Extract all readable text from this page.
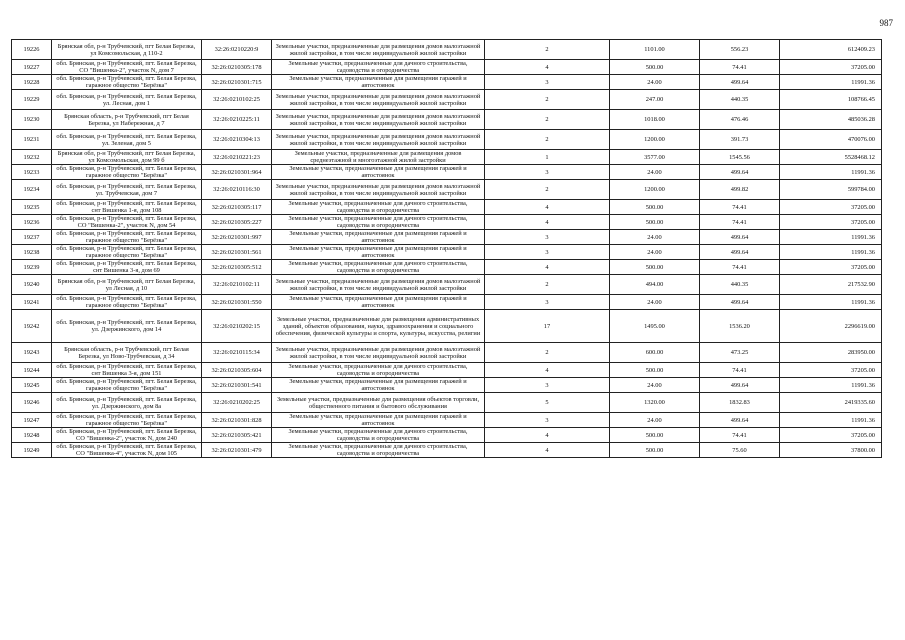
987
19226	Брянская обл, р-н Трубчевский, пгт Белая Березка, ул Комсомольская, д 110-2	32:26:0210220:9	Земельные участки, предназначенные для размещения домов малоэтажной жилой застройки, в том числе индивидуальной жилой застройки	2	1101.00	556.23	612409.23
19227	обл. Брянская, р-н Трубчевский, пгт. Белая Березка, СО "Вишенка-2", участок N, дом 7	32:26:0210305:178	Земельные участки, предназначенные для дачного строительства, садоводства и огородничества	4	500.00	74.41	37205.00
19228	обл. Брянская, р-н Трубчевский, пгт. Белая Березка, гаражное общество "Берёзка"	32:26:0210301:715	Земельные участки, предназначенные для размещения гаражей и автостоянок	3	24.00	499.64	11991.36
19229	обл. Брянская, р-н Трубчевский, пгт. Белая Березка, ул. Лесная, дом 1	32:26:0210102:25	Земельные участки, предназначенные для размещения домов малоэтажной жилой застройки, в том числе индивидуальной жилой застройки	2	247.00	440.35	108766.45
19230	Брянская область, р-н Трубчевский, пгт Белая Березка, ул Набережная, д 7	32:26:0210225:11	Земельные участки, предназначенные для размещения домов малоэтажной жилой застройки, в том числе индивидуальной жилой застройки	2	1018.00	476.46	485036.28
19231	обл. Брянская, р-н Трубчевский, пгт. Белая Березка, ул. Зеленая, дом 5	32:26:0210304:13	Земельные участки, предназначенные для размещения домов малоэтажной жилой застройки, в том числе индивидуальной жилой застройки	2	1200.00	391.73	470076.00
19232	Брянская обл, р-н Трубчевский, пгт Белая Березка, ул Комсомольская, дом 99 б	32:26:0210221:23	Земельные участки, предназначенные для размещения домов среднеэтажной и многоэтажной жилой застройки	1	3577.00	1545.56	5528468.12
19233	обл. Брянская, р-н Трубчевский, пгт. Белая Березка, гаражное общество "Берёзка"	32:26:0210301:964	Земельные участки, предназначенные для размещения гаражей и автостоянок	3	24.00	499.64	11991.36
19234	обл. Брянская, р-н Трубчевский, пгт. Белая Березка, ул. Трубчевская, дом 7	32:26:0210116:30	Земельные участки, предназначенные для размещения домов малоэтажной жилой застройки, в том числе индивидуальной жилой застройки	2	1200.00	499.82	599784.00
19235	обл. Брянская, р-н Трубчевский, пгт. Белая Березка, снт Вишенка 1-я, дом 108	32:26:0210305:117	Земельные участки, предназначенные для дачного строительства, садоводства и огородничества	4	500.00	74.41	37205.00
19236	обл. Брянская, р-н Трубчевский, пгт. Белая Березка, СО "Вишенка-2", участок N, дом 54	32:26:0210305:227	Земельные участки, предназначенные для дачного строительства, садоводства и огородничества	4	500.00	74.41	37205.00
19237	обл. Брянская, р-н Трубчевский, пгт. Белая Березка, гаражное общество "Берёзка"	32:26:0210301:997	Земельные участки, предназначенные для размещения гаражей и автостоянок	3	24.00	499.64	11991.36
19238	обл. Брянская, р-н Трубчевский, пгт. Белая Березка, гаражное общество "Берёзка"	32:26:0210301:561	Земельные участки, предназначенные для размещения гаражей и автостоянок	3	24.00	499.64	11991.36
19239	обл. Брянская, р-н Трубчевский, пгт. Белая Березка, снт Вишенка 3-я, дом 69	32:26:0210305:512	Земельные участки, предназначенные для дачного строительства, садоводства и огородничества	4	500.00	74.41	37205.00
19240	Брянская обл, р-н Трубчевский, пгт Белая Березка, ул Лесная, д 10	32:26:0210102:11	Земельные участки, предназначенные для размещения домов малоэтажной жилой застройки, в том числе индивидуальной жилой застройки	2	494.00	440.35	217532.90
19241	обл. Брянская, р-н Трубчевский, пгт. Белая Березка, гаражное общество "Берёзка"	32:26:0210301:550	Земельные участки, предназначенные для размещения гаражей и автостоянок	3	24.00	499.64	11991.36
19242	обл. Брянская, р-н Трубчевский, пгт. Белая Березка, ул. Дзержинского, дом 14	32:26:0210202:15	Земельные участки, предназначенные для размещения административных зданий, объектов образования, науки, здравоохранения и социального обеспечения, физической культуры и спорта, культуры, искусства, религии	17	1495.00	1536.20	2296619.00
19243	Брянская область, р-н Трубчевский, пгт Белая Березка, ул Ново-Трубчевская, д 34	32:26:0210115:34	Земельные участки, предназначенные для размещения домов малоэтажной жилой застройки, в том числе индивидуальной жилой застройки	2	600.00	473.25	283950.00
19244	обл. Брянская, р-н Трубчевский, пгт. Белая Березка, снт Вишенка 3-я, дом 151	32:26:0210305:604	Земельные участки, предназначенные для дачного строительства, садоводства и огородничества	4	500.00	74.41	37205.00
19245	обл. Брянская, р-н Трубчевский, пгт. Белая Березка, гаражное общество "Берёзка"	32:26:0210301:541	Земельные участки, предназначенные для размещения гаражей и автостоянок	3	24.00	499.64	11991.36
19246	обл. Брянская, р-н Трубчевский, пгт. Белая Березка, ул. Дзержинского, дом 8а	32:26:0210202:25	Земельные участки, предназначенные для размещения объектов торговли, общественного питания и бытового обслуживания	5	1320.00	1832.83	2419335.60
19247	обл. Брянская, р-н Трубчевский, пгт. Белая Березка, гаражное общество "Берёзка"	32:26:0210301:828	Земельные участки, предназначенные для размещения гаражей и автостоянок	3	24.00	499.64	11991.36
19248	обл. Брянская, р-н Трубчевский, пгт. Белая Березка, СО "Вишенка-2", участок N, дом 240	32:26:0210305:421	Земельные участки, предназначенные для дачного строительства, садоводства и огородничества	4	500.00	74.41	37205.00
19249	обл. Брянская, р-н Трубчевский, пгт. Белая Березка, СО "Вишенка-4", участок N, дом 105	32:26:0210301:479	Земельные участки, предназначенные для дачного строительства, садоводства и огородничества	4	500.00	75.60	37800.00
